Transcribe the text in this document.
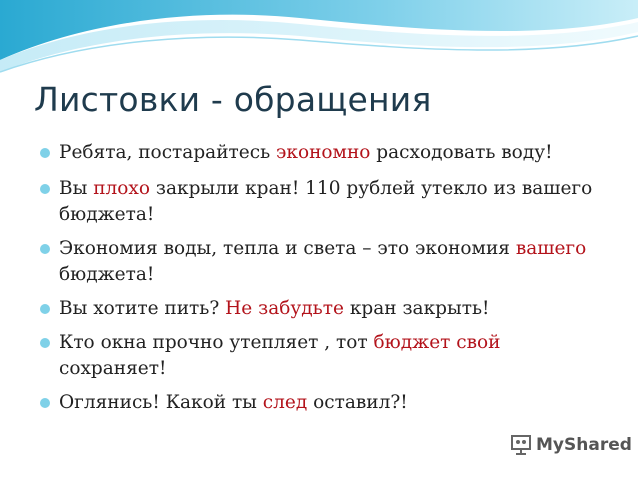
Листовки - обращения
Ребята, постарайтесь экономно расходовать воду!
Вы плохо закрыли кран! 110 рублей утекло из вашего бюджета!
Экономия воды, тепла и света – это экономия вашего бюджета!
Вы хотите пить? Не забудьте кран закрыть!
Кто окна прочно утепляет , тот бюджет свой сохраняет!
Оглянись! Какой ты след оставил?!
MyShared
